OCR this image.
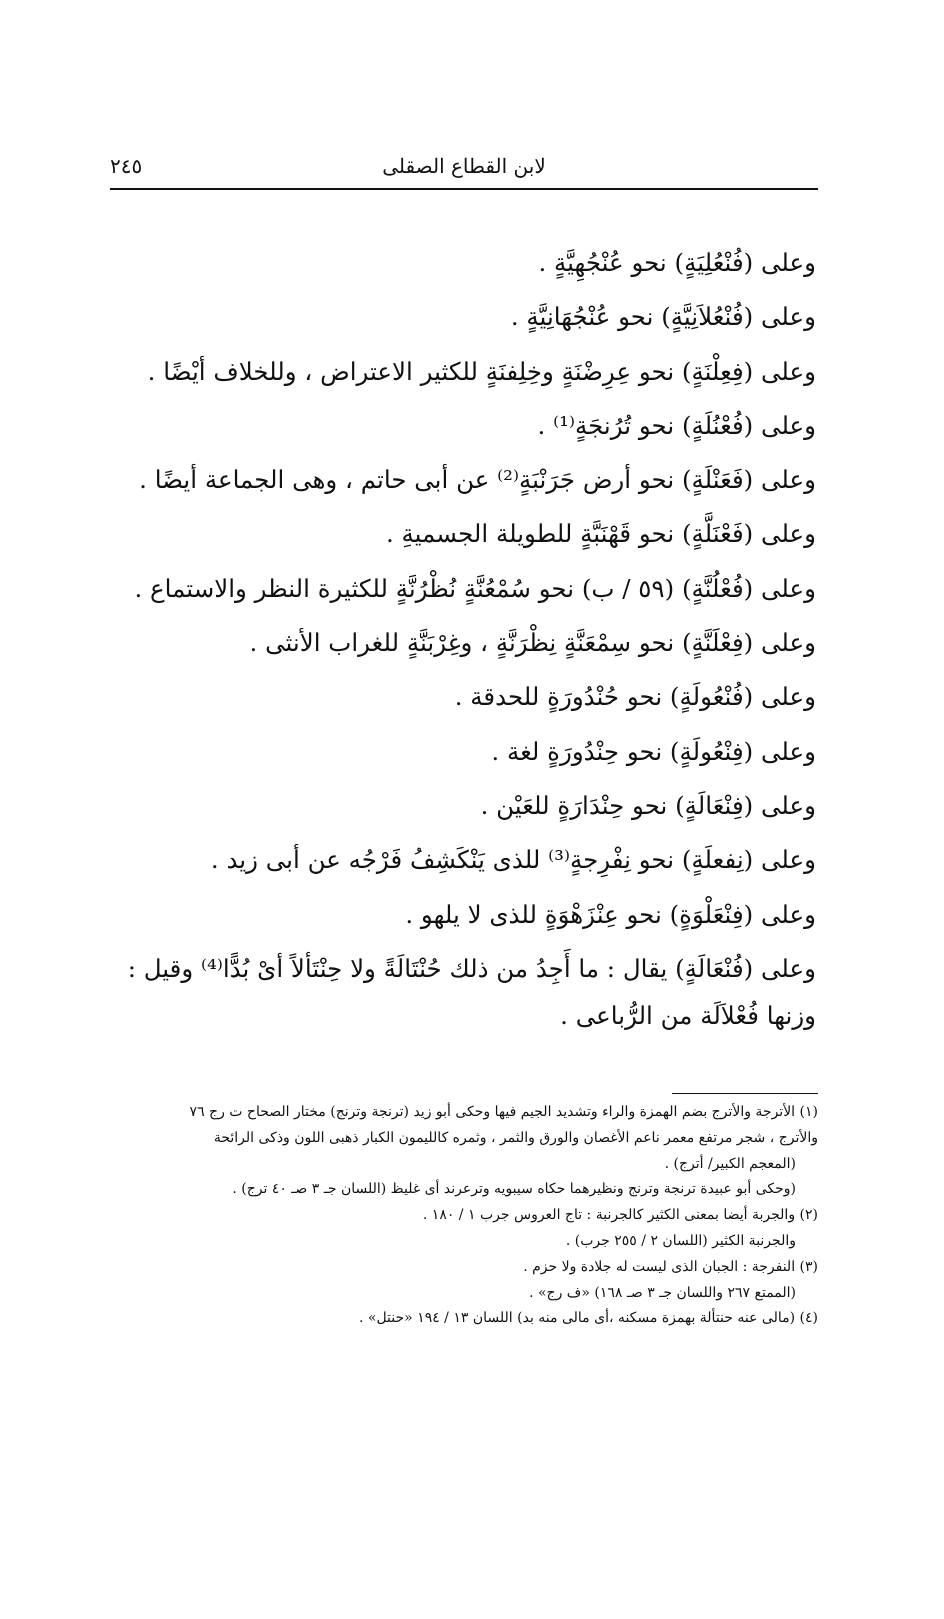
لابن القطاع الصقلى
٢٤٥
وعلى (فُنْعُلِيَةٍ) نحو عُنْجُهِيَّةٍ .
وعلى (فُنْعُلاَنِيَّةٍ) نحو عُنْجُهَانِيَّةٍ .
وعلى (فِعِلْنَةٍ) نحو عِرِضْنَةٍ وخِلِفنَةٍ للكثير الاعتراض ، وللخلاف أيْضًا .
وعلى (فُعْنُلَةٍ) نحو تُرُنجَةٍ⁽¹⁾ .
وعلى (فَعَنْلَةٍ) نحو أرض جَرَنْبَةٍ⁽²⁾ عن أبى حاتم ، وهى الجماعة أيضًا .
وعلى (فَعْنَلَّةٍ) نحو قَهْنَبَّةٍ للطويلة الجسميةِ .
وعلى (فُعْلُنَّةٍ) (٥٩ / ب) نحو سُمْعُنَّةٍ نُظْرُنَّةٍ للكثيرة النظر والاستماع .
وعلى (فِعْلَنَّةٍ) نحو سِمْعَنَّةٍ نِظْرَنَّةٍ ، وغِرْبَنَّةٍ للغراب الأنثى .
وعلى (فُنْعُولَةٍ) نحو حُنْدُورَةٍ للحدقة .
وعلى (فِنْعُولَةٍ) نحو حِنْدُورَةٍ لغة .
وعلى (فِنْعَالَةٍ) نحو حِنْدَارَةٍ للعَيْن .
وعلى (نِفعلَةٍ) نحو نِفْرِجةٍ⁽³⁾ للذى يَنْكَشِفُ فَرْجُه عن أبى زيد .
وعلى (فِنْعَلْوَةٍ) نحو عِنْزَهْوَةٍ للذى لا يلهو .
وعلى (فُنْعَالَةٍ) يقال : ما أَجِدُ من ذلك حُنْتَالَةً ولا حِنْتَألاً أىْ بُدًّا⁽⁴⁾ وقيل :
وزنها فُعْلاَلَة من الرُّباعى .
(١) الأترجة والأترج بضم الهمزة والراء وتشديد الجيم فيها وحكى أبو زيد (ترنجة وترنج) مختار الصحاح ت رج ٧٦
والأترج ، شجر مرتفع معمر ناعم الأغصان والورق والثمر ، وثمره كالليمون الكبار ذهبى اللون وذكى الرائحة
(المعجم الكبير/ أترج) .
(وحكى أبو عبيدة ترنجة وترنج ونظيرهما حكاه سيبويه وترعرند أى غليظ (اللسان جـ ٣ صـ ٤٠ ترج) .
(٢) والجربة أيضا بمعنى الكثير كالجرنبة : تاج العروس جرب ١ / ١٨٠ .
والجرنبة الكثير (اللسان ٢ / ٢٥٥ جرب) .
(٣) النفرجة : الجبان الذى ليست له جلادة ولا حزم .
(الممتع ٢٦٧ واللسان جـ ٣ صـ ١٦٨) «ف رج» .
(٤) (مالى عنه حنتألة بهمزة مسكنه ،أى مالى منه بد) اللسان ١٣ / ١٩٤ «حنتل» .
